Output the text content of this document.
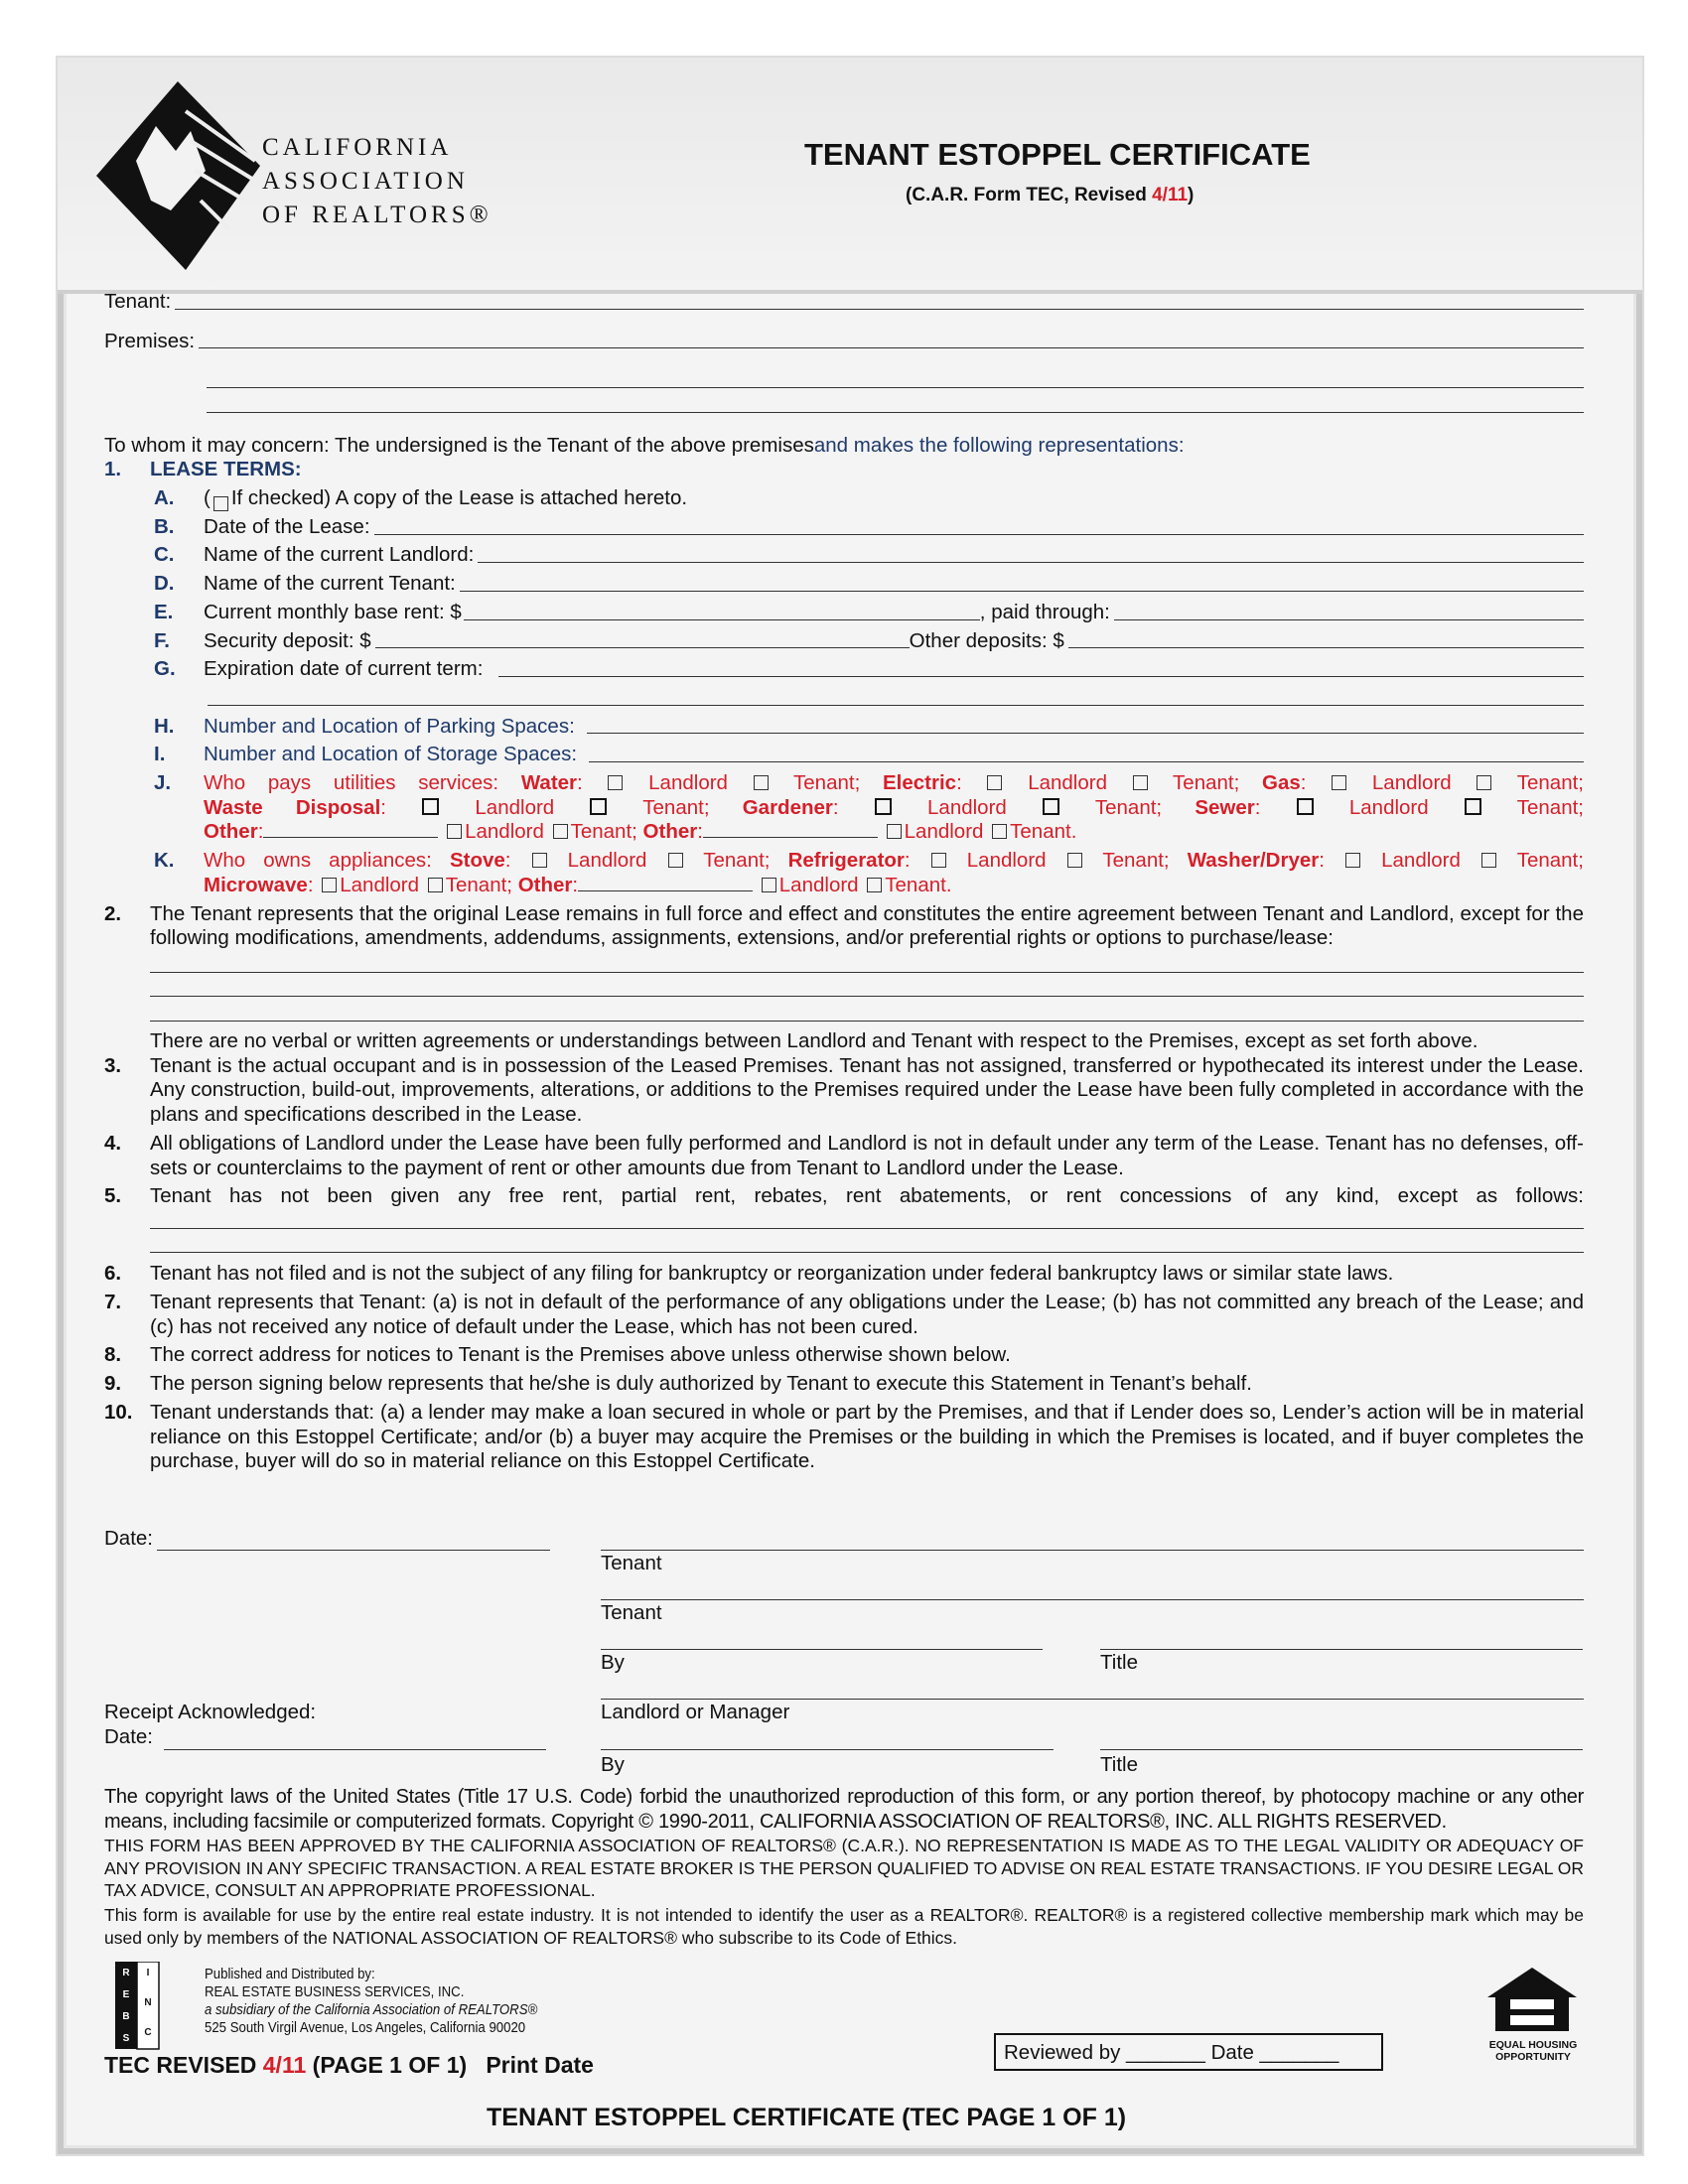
CALIFORNIA
ASSOCIATION
OF REALTORS®
TENANT ESTOPPEL CERTIFICATE
(C.A.R. Form TEC, Revised 4/11)
Tenant:
Premises:
To whom it may concern: The undersigned is the Tenant of the above premises and makes the following representations:
1.	LEASE TERMS:
A.	( If checked) A copy of the Lease is attached hereto.
B.	Date of the Lease:
C.	Name of the current Landlord:
D.	Name of the current Tenant:
E.	Current monthly base rent: $	, paid through:
F.	Security deposit: $	Other deposits: $
G.	Expiration date of current term:
H.	Number and Location of Parking Spaces:
I.	Number and Location of Storage Spaces:
J.	Who pays utilities services: Water:  Landlord	Tenant; Electric:  Landlord	Tenant; Gas:  Landlord	Tenant;
Waste Disposal:	Landlord	Tenant; Gardener:	Landlord	Tenant; Sewer:	Landlord	Tenant;
Other:	Landlord Tenant; Other:	Landlord Tenant.
K.	Who owns appliances: Stove:  Landlord	Tenant; Refrigerator:  Landlord	Tenant; Washer/Dryer:  Landlord	Tenant;
Microwave: Landlord Tenant; Other:	Landlord Tenant.
2. The Tenant represents that the original Lease remains in full force and effect and constitutes the entire agreement between Tenant and Landlord, except for the following modifications, amendments, addendums, assignments, extensions, and/or preferential rights or options to purchase/lease:
There are no verbal or written agreements or understandings between Landlord and Tenant with respect to the Premises, except as set forth above.
3. Tenant is the actual occupant and is in possession of the Leased Premises. Tenant has not assigned, transferred or hypothecated its interest under the Lease. Any construction, build-out, improvements, alterations, or additions to the Premises required under the Lease have been fully completed in accordance with the plans and specifications described in the Lease.
4. All obligations of Landlord under the Lease have been fully performed and Landlord is not in default under any term of the Lease. Tenant has no defenses, off-sets or counterclaims to the payment of rent or other amounts due from Tenant to Landlord under the Lease.
5. Tenant has not been given any free rent, partial rent, rebates, rent abatements, or rent concessions of any kind, except as follows:
6. Tenant has not filed and is not the subject of any filing for bankruptcy or reorganization under federal bankruptcy laws or similar state laws.
7. Tenant represents that Tenant: (a) is not in default of the performance of any obligations under the Lease; (b) has not committed any breach of the Lease; and (c) has not received any notice of default under the Lease, which has not been cured.
8. The correct address for notices to Tenant is the Premises above unless otherwise shown below.
9. The person signing below represents that he/she is duly authorized by Tenant to execute this Statement in Tenant’s behalf.
10. Tenant understands that: (a) a lender may make a loan secured in whole or part by the Premises, and that if Lender does so, Lender’s action will be in material reliance on this Estoppel Certificate; and/or (b) a buyer may acquire the Premises or the building in which the Premises is located, and if buyer completes the purchase, buyer will do so in material reliance on this Estoppel Certificate.
Date:
Tenant
Tenant
By	Title
Receipt Acknowledged:	Landlord or Manager
Date:
By	Title
The copyright laws of the United States (Title 17 U.S. Code) forbid the unauthorized reproduction of this form, or any portion thereof, by photocopy machine or any other means, including facsimile or computerized formats. Copyright © 1990-2011, CALIFORNIA ASSOCIATION OF REALTORS®, INC. ALL RIGHTS RESERVED.
THIS FORM HAS BEEN APPROVED BY THE CALIFORNIA ASSOCIATION OF REALTORS® (C.A.R.). NO REPRESENTATION IS MADE AS TO THE LEGAL VALIDITY OR ADEQUACY OF ANY PROVISION IN ANY SPECIFIC TRANSACTION. A REAL ESTATE BROKER IS THE PERSON QUALIFIED TO ADVISE ON REAL ESTATE TRANSACTIONS. IF YOU DESIRE LEGAL OR TAX ADVICE, CONSULT AN APPROPRIATE PROFESSIONAL.
This form is available for use by the entire real estate industry. It is not intended to identify the user as a REALTOR®. REALTOR® is a registered collective membership mark which may be used only by members of the NATIONAL ASSOCIATION OF REALTORS® who subscribe to its Code of Ethics.
R
E
B
S
I
N
C
Published and Distributed by:
REAL ESTATE BUSINESS SERVICES, INC.
a subsidiary of the California Association of REALTORS®
525 South Virgil Avenue, Los Angeles, California 90020
TEC REVISED 4/11 (PAGE 1 OF 1) Print Date	Reviewed by _______ Date _______	EQUAL HOUSING OPPORTUNITY
TENANT ESTOPPEL CERTIFICATE (TEC PAGE 1 OF 1)
